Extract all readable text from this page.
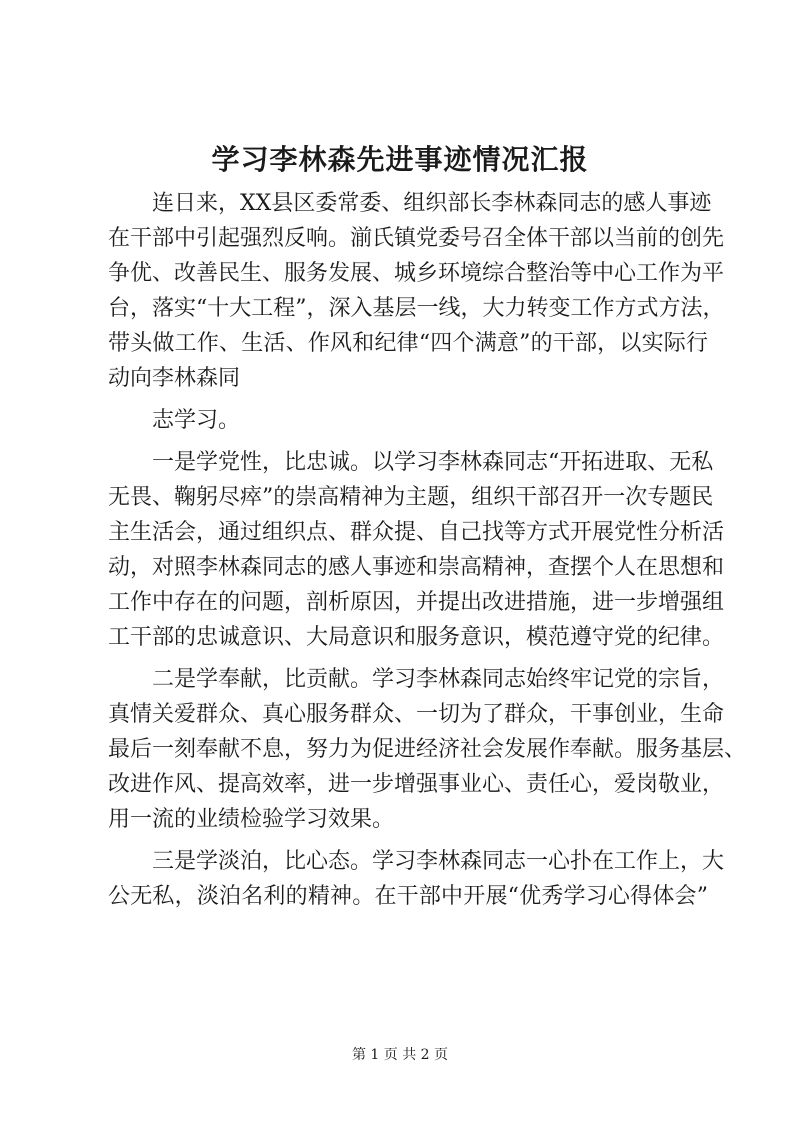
学习李林森先进事迹情况汇报
连日来，XX县区委常委、组织部长李林森同志的感人事迹
在干部中引起强烈反响。湔氏镇党委号召全体干部以当前的创先
争优、改善民生、服务发展、城乡环境综合整治等中心工作为平
台，落实“十大工程”，深入基层一线，大力转变工作方式方法，
带头做工作、生活、作风和纪律“四个满意”的干部，以实际行
动向李林森同
志学习。
一是学党性，比忠诚。以学习李林森同志“开拓进取、无私
无畏、鞠躬尽瘁”的崇高精神为主题，组织干部召开一次专题民
主生活会，通过组织点、群众提、自己找等方式开展党性分析活
动，对照李林森同志的感人事迹和崇高精神，查摆个人在思想和
工作中存在的问题，剖析原因，并提出改进措施，进一步增强组
工干部的忠诚意识、大局意识和服务意识，模范遵守党的纪律。
二是学奉献，比贡献。学习李林森同志始终牢记党的宗旨，
真情关爱群众、真心服务群众、一切为了群众，干事创业，生命
最后一刻奉献不息，努力为促进经济社会发展作奉献。服务基层、
改进作风、提高效率，进一步增强事业心、责任心，爱岗敬业，
用一流的业绩检验学习效果。
三是学淡泊，比心态。学习李林森同志一心扑在工作上，大
公无私，淡泊名利的精神。在干部中开展“优秀学习心得体会”
第 1 页 共 2 页
